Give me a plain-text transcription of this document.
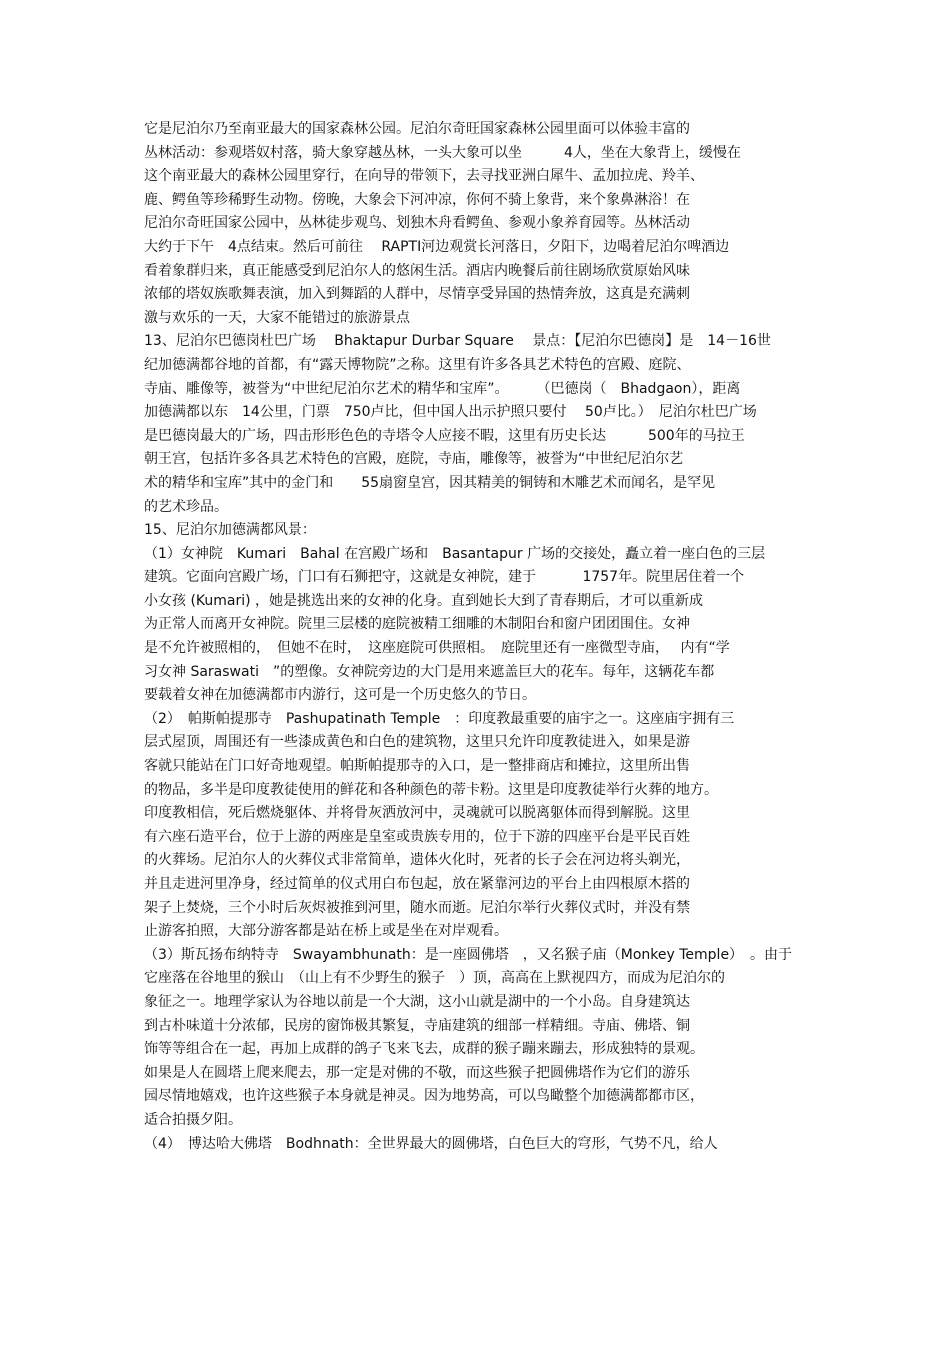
它是尼泊尔乃至南亚最大的国家森林公园。尼泊尔奇旺国家森林公园里面可以体验丰富的
丛林活动：参观塔奴村落，骑大象穿越丛林，一头大象可以坐　　　4人，坐在大象背上，缓慢在
这个南亚最大的森林公园里穿行，在向导的带领下，去寻找亚洲白犀牛、孟加拉虎、羚羊、
鹿、鳄鱼等珍稀野生动物。傍晚，大象会下河冲凉，你何不骑上象背，来个象鼻淋浴！在
尼泊尔奇旺国家公园中，丛林徒步观鸟、划独木舟看鳄鱼、参观小象养育园等。丛林活动
大约于下午　4点结束。然后可前往　 RAPTI河边观赏长河落日，夕阳下，边喝着尼泊尔啤酒边
看着象群归来，真正能感受到尼泊尔人的悠闲生活。酒店内晚餐后前往剧场欣赏原始风味
浓郁的塔奴族歌舞表演，加入到舞蹈的人群中，尽情享受异国的热情奔放，这真是充满刺
激与欢乐的一天，大家不能错过的旅游景点
13、尼泊尔巴德岗杜巴广场　 Bhaktapur Durbar Square　 景点：【尼泊尔巴德岗】是　14－16世
纪加德满都谷地的首都，有“露天博物院”之称。这里有许多各具艺术特色的宫殿、庭院、
寺庙、雕像等，被誉为“中世纪尼泊尔艺术的精华和宝库”。　　　（巴德岗（　Bhadgaon），距离
加德满都以东　14公里，门票　750卢比，但中国人出示护照只要付　 50卢比。）　尼泊尔杜巴广场
是巴德岗最大的广场，四击形形色色的寺塔令人应接不暇，这里有历史长达　　　500年的马拉王
朝王宫，包括许多各具艺术特色的宫殿，庭院，寺庙，雕像等，被誉为“中世纪尼泊尔艺
术的精华和宝库”其中的金门和　　55扇窗皇宫，因其精美的铜铸和木雕艺术而闻名，是罕见
的艺术珍品。
15、尼泊尔加德满都风景：
（1）女神院　Kumari　Bahal 在宫殿广场和　Basantapur 广场的交接处，矗立着一座白色的三层
建筑。它面向宫殿广场，门口有石狮把守，这就是女神院，建于　　　 1757年。院里居住着一个
小女孩 (Kumari) ，她是挑选出来的女神的化身。直到她长大到了青春期后，才可以重新成
为正常人而离开女神院。院里三层楼的庭院被精工细雕的木制阳台和窗户团团围住。女神
是不允许被照相的，　但她不在时，　这座庭院可供照相。　庭院里还有一座微型寺庙，　 内有“学
习女神 Saraswati　”的塑像。女神院旁边的大门是用来遮盖巨大的花车。每年，这辆花车都
要载着女神在加德满都市内游行，这可是一个历史悠久的节日。
（2）　帕斯帕提那寺　Pashupatinath Temple　：印度教最重要的庙宇之一。这座庙宇拥有三
层式屋顶，周围还有一些漆成黄色和白色的建筑物，这里只允许印度教徒进入，如果是游
客就只能站在门口好奇地观望。帕斯帕提那寺的入口，是一整排商店和摊拉，这里所出售
的物品，多半是印度教徒使用的鲜花和各种颜色的蒂卡粉。这里是印度教徒举行火葬的地方。
印度教相信，死后燃烧躯体、并将骨灰洒放河中，灵魂就可以脱离躯体而得到解脱。这里
有六座石造平台，位于上游的两座是皇室或贵族专用的，位于下游的四座平台是平民百姓
的火葬场。尼泊尔人的火葬仪式非常简单，遗体火化时，死者的长子会在河边将头剃光，
并且走进河里净身，经过简单的仪式用白布包起，放在紧靠河边的平台上由四根原木搭的
架子上焚烧，三个小时后灰烬被推到河里，随水而逝。尼泊尔举行火葬仪式时，并没有禁
止游客拍照，大部分游客都是站在桥上或是坐在对岸观看。
（3）斯瓦扬布纳特寺　Swayambhunath：是一座圆佛塔　，又名猴子庙（Monkey Temple）　。由于
它座落在谷地里的猴山　（山上有不少野生的猴子　）顶，高高在上默视四方，而成为尼泊尔的
象征之一。地理学家认为谷地以前是一个大湖，这小山就是湖中的一个小岛。自身建筑达
到古朴味道十分浓郁，民房的窗饰极其繁复，寺庙建筑的细部一样精细。寺庙、佛塔、铜
饰等等组合在一起，再加上成群的鸽子飞来飞去，成群的猴子蹦来蹦去，形成独特的景观。
如果是人在圆塔上爬来爬去，那一定是对佛的不敬，而这些猴子把圆佛塔作为它们的游乐
园尽情地嬉戏，也许这些猴子本身就是神灵。因为地势高，可以鸟瞰整个加德满都都市区，
适合拍摄夕阳。
（4）　博达哈大佛塔　Bodhnath：全世界最大的圆佛塔，白色巨大的穹形，气势不凡，给人
